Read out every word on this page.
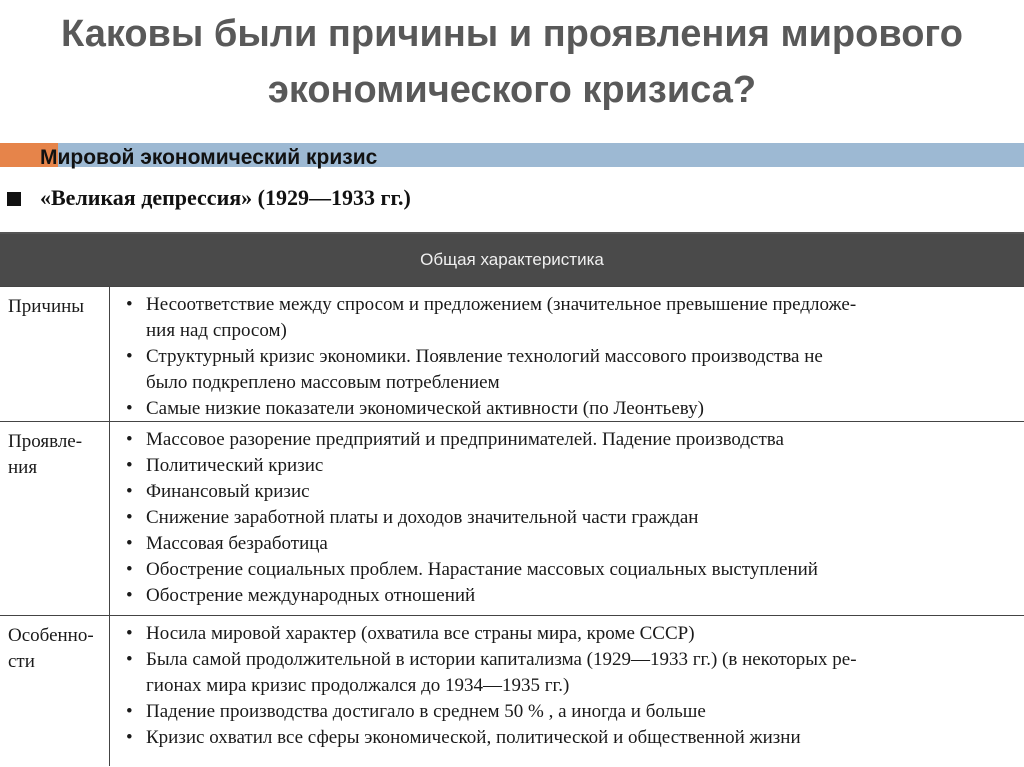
Каковы были причины и проявления мирового
экономического кризиса?
Мировой экономический кризис
«Великая депрессия» (1929—1933 гг.)
Общая характеристика
Причины
•	Несоответствие между спросом и предложением (значительное превышение предложе-
ния над спросом)
• Структурный кризис экономики. Появление технологий массового производства не
было подкреплено массовым потреблением
• Самые низкие показатели экономической активности (по Леонтьеву)
Проявле-
ния
• Массовое разорение предприятий и предпринимателей. Падение производства
• Политический кризис
• Финансовый кризис
• Снижение заработной платы и доходов значительной части граждан
• Массовая безработица
• Обострение социальных проблем. Нарастание массовых социальных выступлений
• Обострение международных отношений
Особенно-
сти
• Носила мировой характер (охватила все страны мира, кроме СССР)
• Была самой продолжительной в истории капитализма (1929—1933 гг.) (в некоторых ре-
гионах мира кризис продолжался до 1934—1935 гг.)
• Падение производства достигало в среднем 50 % , а иногда и больше
• Кризис охватил все сферы экономической, политической и общественной жизни
